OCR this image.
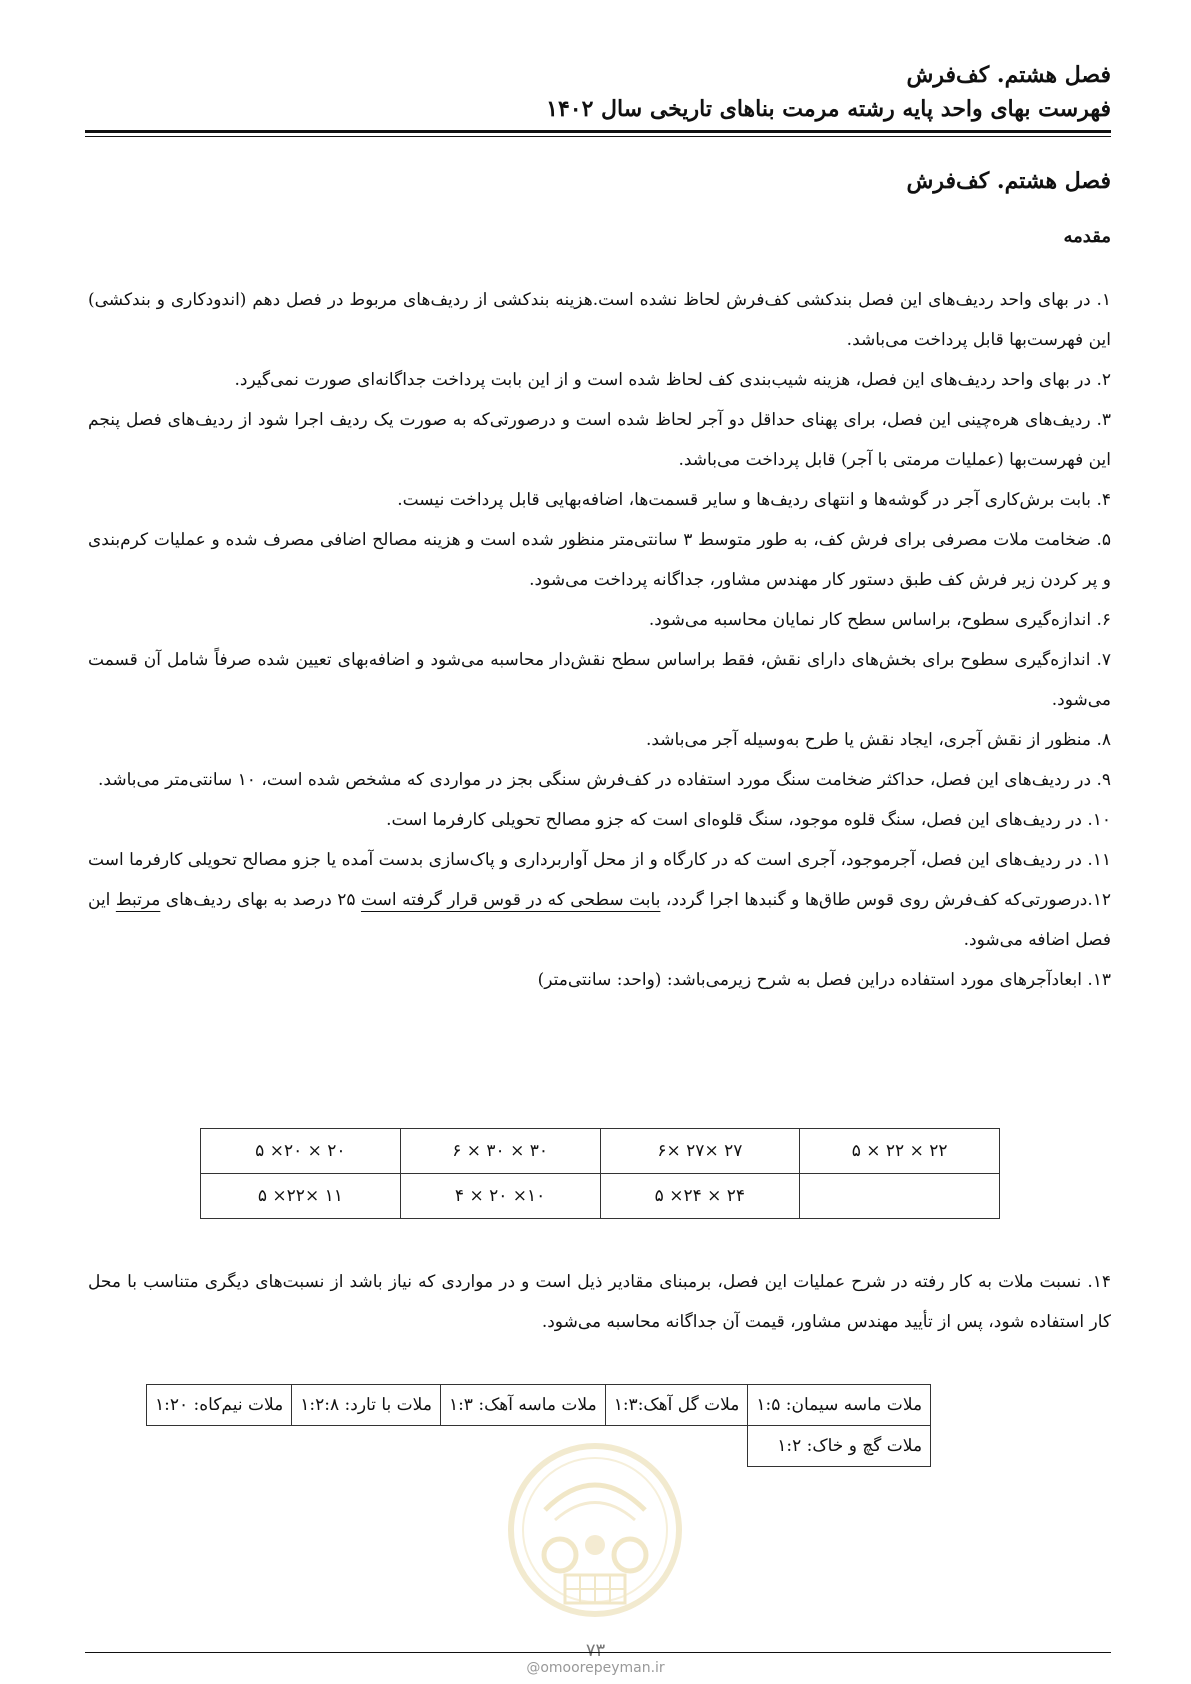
فصل هشتم. کف‌فرش
فهرست بهای واحد پایه رشته مرمت بناهای تاریخی سال ۱۴۰۲
فصل هشتم. کف‌فرش
مقدمه

۱. در بهای واحد ردیف‌های این فصل بندکشی کف‌فرش لحاظ نشده است.هزینه بندکشی از ردیف‌های مربوط در فصل دهم (اندودکاری و بندکشی) این فهرست‌بها قابل پرداخت می‌باشد.

۲. در بهای واحد ردیف‌های این فصل، هزینه شیب‌بندی کف لحاظ شده است و از این بابت پرداخت جداگانه‌ای صورت نمی‌گیرد.

۳. ردیف‌های هره‌چینی این فصل، برای پهنای حداقل دو آجر لحاظ شده است و درصورتی‌که به صورت یک ردیف اجرا شود از ردیف‌های فصل پنجم این فهرست‌بها (عملیات مرمتی با آجر) قابل پرداخت می‌باشد.

۴. بابت برش‌کاری آجر در گوشه‌ها و انتهای ردیف‌ها و سایر قسمت‌ها، اضافه‌بهایی قابل پرداخت نیست.

۵. ضخامت ملات مصرفی برای فرش کف، به طور متوسط ۳ سانتی‌متر منظور شده است و هزینه مصالح اضافی مصرف شده و عملیات کرم‌بندی و پر کردن زیر فرش کف طبق دستور کار مهندس مشاور، جداگانه پرداخت می‌شود.

۶. اندازه‌گیری سطوح، براساس سطح کار نمایان محاسبه می‌شود.

۷. اندازه‌گیری سطوح برای بخش‌های دارای نقش، فقط براساس سطح نقش‌دار محاسبه می‌شود و اضافه‌بهای تعیین شده صرفاً شامل آن قسمت می‌شود.

۸. منظور از نقش آجری، ایجاد نقش یا طرح به‌وسیله آجر می‌باشد.

۹. در ردیف‌های این فصل، حداکثر ضخامت سنگ مورد استفاده در کف‌فرش سنگی بجز در مواردی که مشخص شده است، ۱۰ سانتی‌متر می‌باشد.

۱۰. در ردیف‌های این فصل، سنگ قلوه موجود، سنگ قلوه‌ای است که جزو مصالح تحویلی کارفرما است.

۱۱. در ردیف‌های این فصل، آجرموجود، آجری است که در کارگاه و از محل آواربرداری و پاک‌سازی بدست آمده یا جزو مصالح تحویلی کارفرما است

۱۲.درصورتی‌که کف‌فرش روی قوس طاق‌ها و گنبدها اجرا گردد، بابت سطحی که در قوس قرار گرفته است ۲۵ درصد به بهای ردیف‌های مرتبط این فصل اضافه می‌شود.

۱۳. ابعادآجرهای مورد استفاده دراین فصل به شرح زیرمی‌باشد: (واحد: سانتی‌متر)

۲۲ × ۲۲ × ۵	۲۷ ×۲۷ ×۶	۳۰ × ۳۰ × ۶	۲۰ × ۲۰× ۵
	۲۴ × ۲۴× ۵	۱۰× ۲۰ × ۴	۱۱ ×۲۲× ۵

۱۴. نسبت ملات به کار رفته در شرح عملیات این فصل، برمبنای مقادیر ذیل است و در مواردی که نیاز باشد از نسبت‌های دیگری متناسب با محل کار استفاده شود، پس از تأیید مهندس مشاور، قیمت آن جداگانه محاسبه می‌شود.

ملات ماسه سیمان: ۱:۵	ملات گل آهک:۱:۳	ملات ماسه آهک: ۱:۳	ملات با تارد: ۱:۲:۸	ملات نیم‌کاه: ۱:۲۰
ملات گچ و خاک: ۱:۲
۷۳
@omoorepeyman.ir
